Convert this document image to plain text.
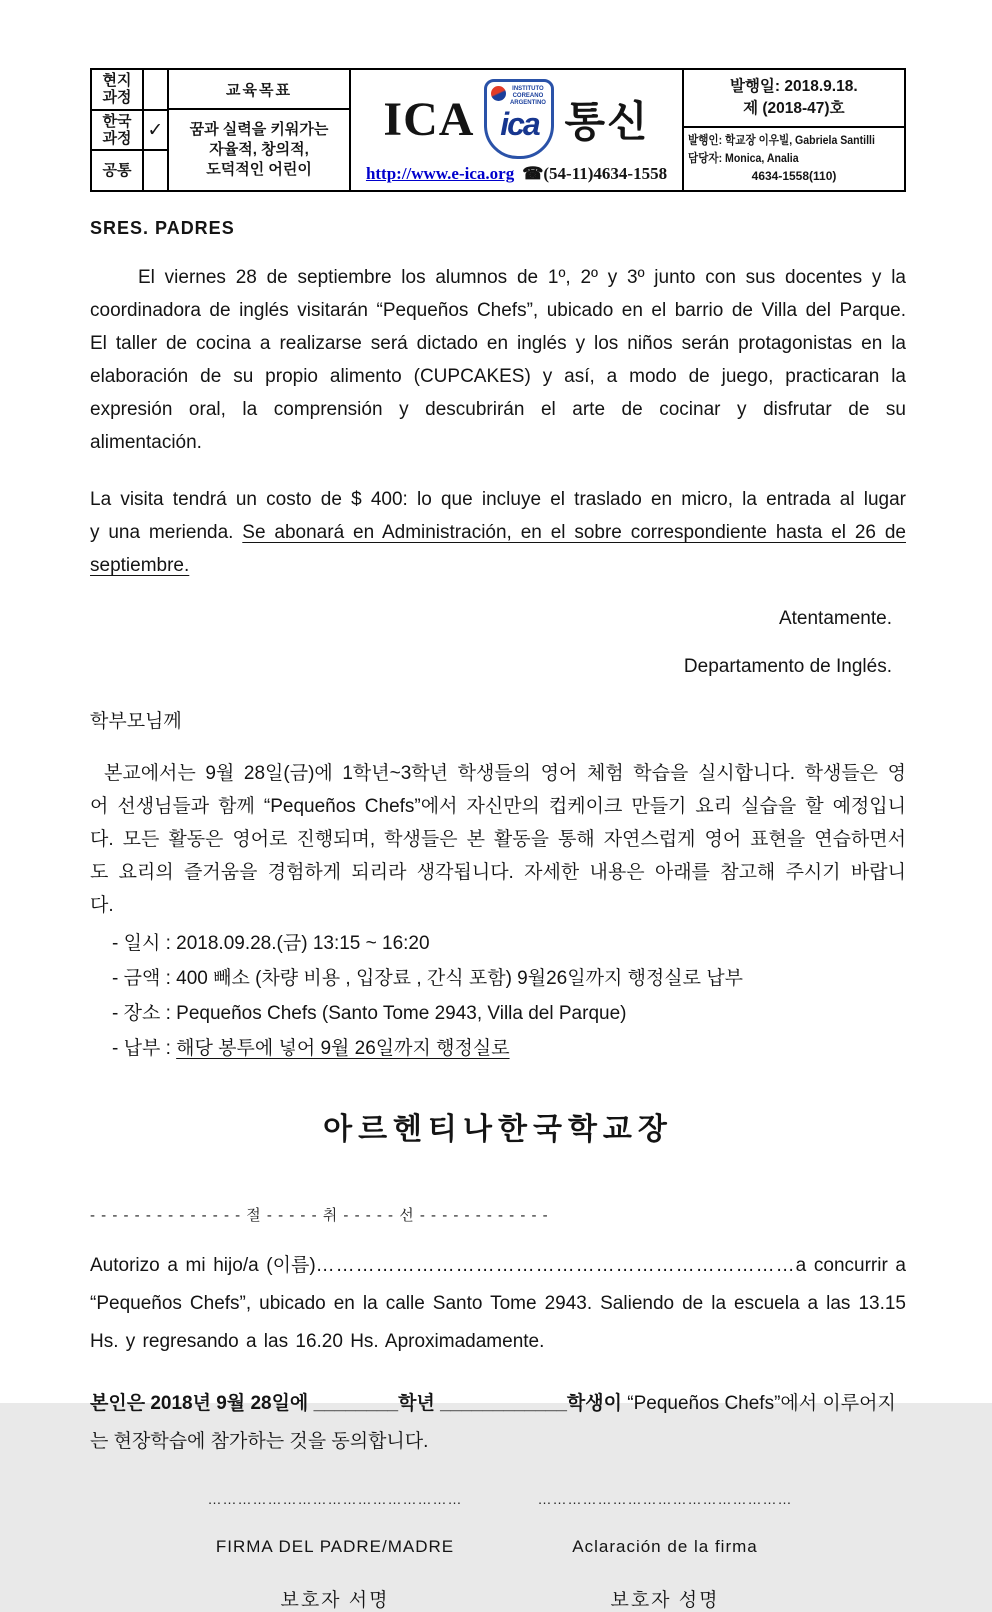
현지
과정
한국
과정 ✓
공통
교육목표
꿈과 실력을 키워가는
자율적, 창의적,
도덕적인 어린이
ICA
INSTITUTO COREANO ARGENTINO
ica 통신
http://www.e-ica.org ☎(54-11)4634-1558
발행일: 2018.9.18.
제 (2018-47)호
발행인: 학교장 이우빌, Gabriela Santilli
담당자: Monica, Analia
4634-1558(110)
SRES. PADRES

El viernes 28 de septiembre los alumnos de 1º, 2º y 3º junto con sus docentes y la coordinadora de inglés visitarán “Pequeños Chefs”, ubicado en el barrio de Villa del Parque. El taller de cocina a realizarse será dictado en inglés y los niños serán protagonistas en la elaboración de su propio alimento (CUPCAKES) y así, a modo de juego, practicaran la expresión oral, la comprensión y descubrirán el arte de cocinar y disfrutar de su alimentación.

La visita tendrá un costo de $ 400: lo que incluye el traslado en micro, la entrada al lugar y una merienda. Se abonará en Administración, en el sobre correspondiente hasta el 26 de septiembre.

Atentamente.
Departamento de Inglés.
학부모님께

본교에서는 9월 28일(금)에 1학년~3학년 학생들의 영어 체험 학습을 실시합니다. 학생들은 영어 선생님들과 함께 “Pequeños Chefs”에서 자신만의 컵케이크 만들기 요리 실습을 할 예정입니다. 모든 활동은 영어로 진행되며, 학생들은 본 활동을 통해 자연스럽게 영어 표현을 연습하면서도 요리의 즐거움을 경험하게 되리라 생각됩니다. 자세한 내용은 아래를 참고해 주시기 바랍니다.

- 일시 : 2018.09.28.(금) 13:15 ~ 16:20
- 금액 : 400 빼소 (차량 비용 , 입장료 , 간식 포함) 9월26일까지 행정실로 납부
- 장소 : Pequeños Chefs (Santo Tome 2943, Villa del Parque)
- 납부 : 해당 봉투에 넣어 9월 26일까지 행정실로
아르헨티나한국학교장
- - - - - - - - - - - - - - 절 - - - - - 취 - - - - - 선 - - - - - - - - - - - -

Autorizo a mi hijo/a (이름)………………………………………………………………a concurrir a “Pequeños Chefs”, ubicado en la calle Santo Tome 2943. Saliendo de la escuela a las 13.15 Hs. y regresando a las 16.20 Hs. Aproximadamente.

본인은 2018년 9월 28일에 ________학년 ____________학생이 “Pequeños Chefs”에서 이루어지는 현장학습에 참가하는 것을 동의합니다.

……………………………………………
FIRMA DEL PADRE/MADRE
보호자 서명
……………………………………………
Aclaración de la firma
보호자 성명
